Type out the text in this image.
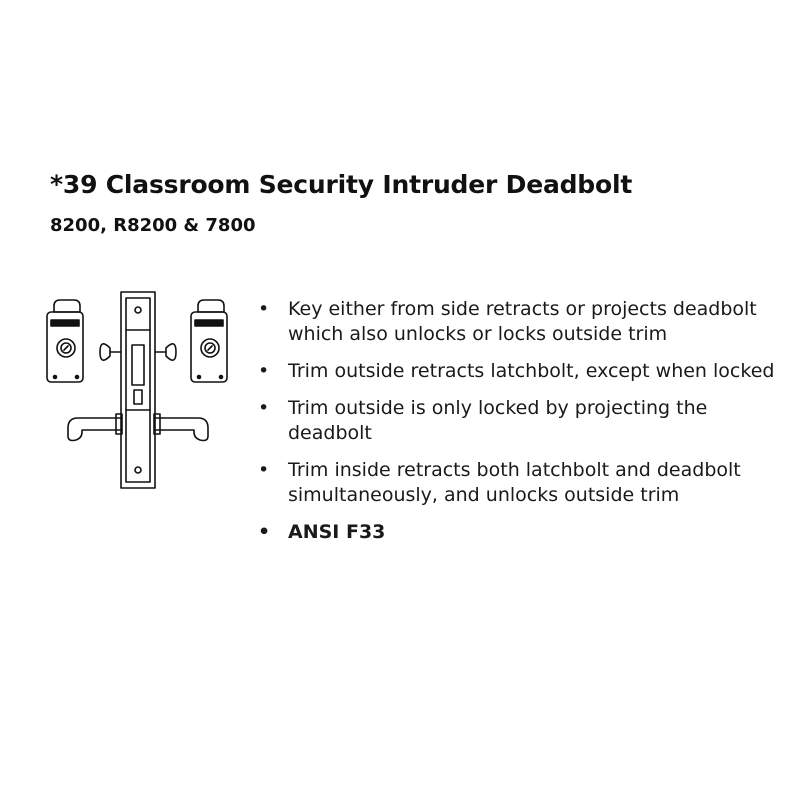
*39 Classroom Security Intruder Deadbolt
8200, R8200 & 7800
• Key either from side retracts or projects deadbolt which also unlocks or locks outside trim
• Trim outside retracts latchbolt, except when locked
• Trim outside is only locked by projecting the deadbolt
• Trim inside retracts both latchbolt and deadbolt simultaneously, and unlocks outside trim
• ANSI F33
